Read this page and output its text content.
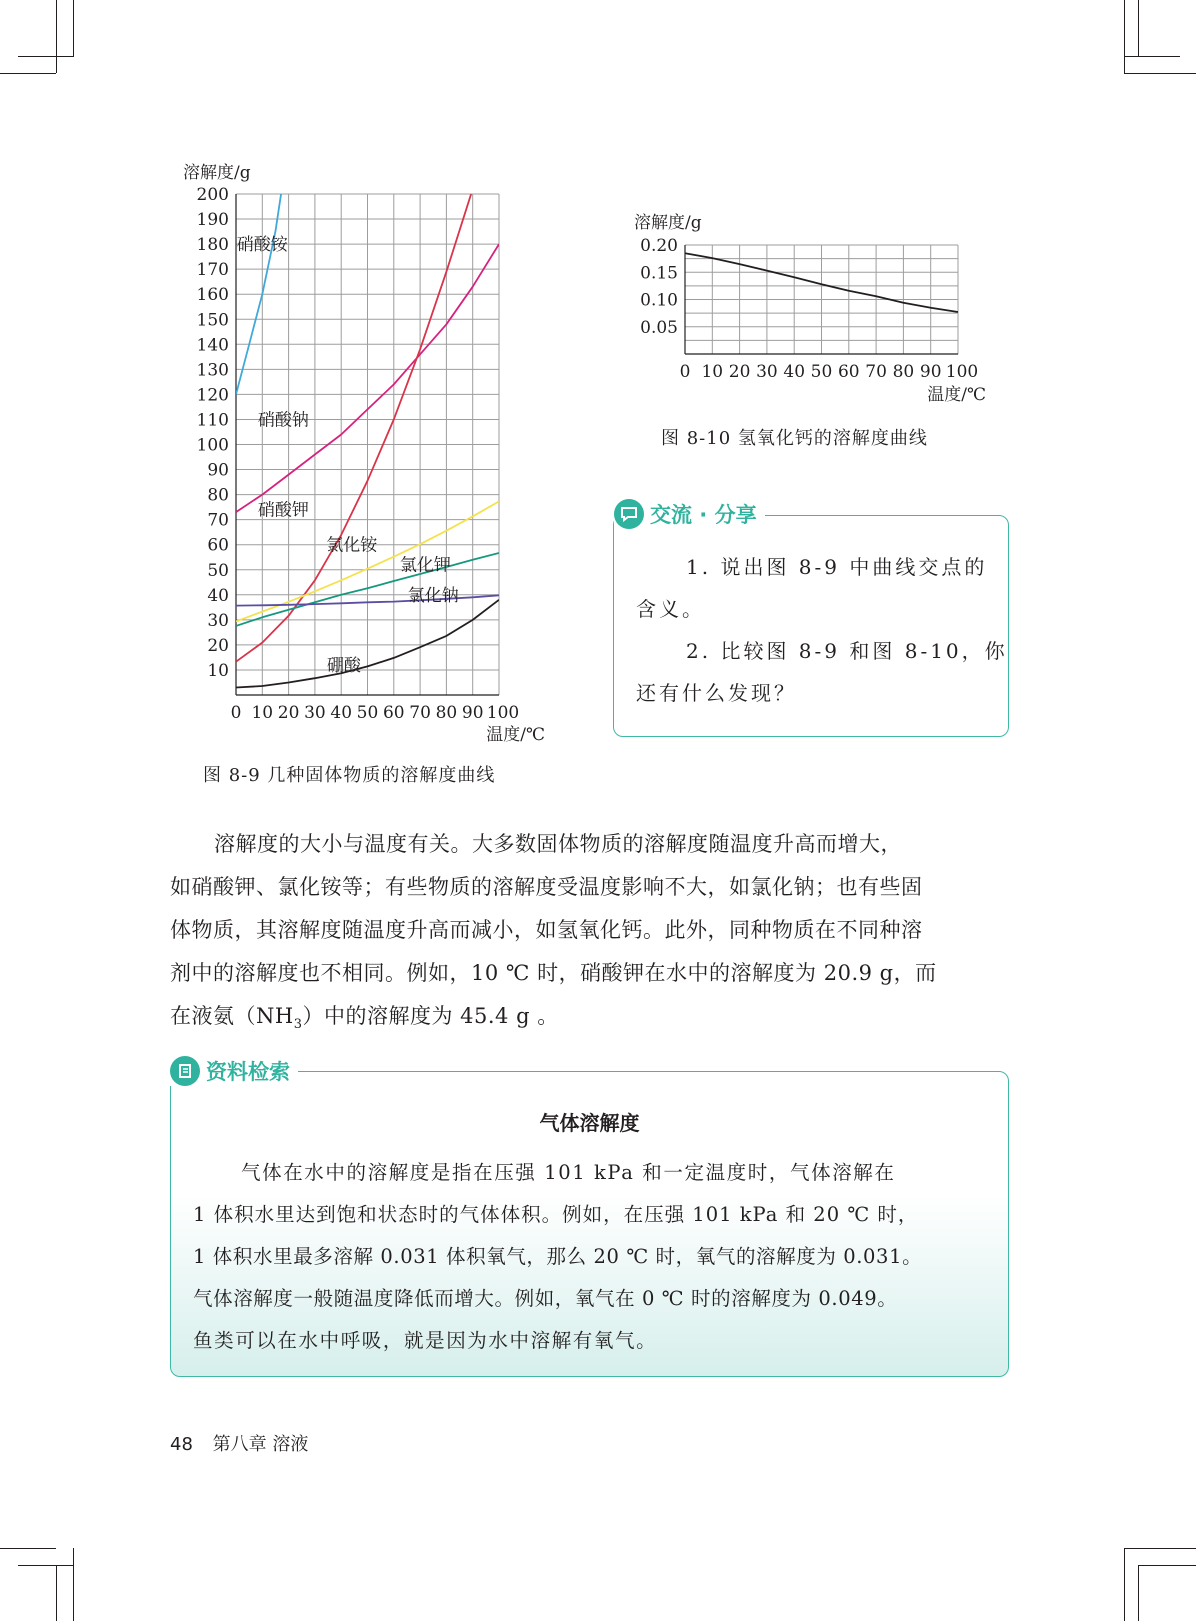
10
20
30
40
50
60
70
80
90
100
110
120
130
140
150
160
170
180
190
200
0 10 20 30 40 50 60 70 80 90 100
溶解度/g
温度/℃
硝酸铵
硝酸钠
硝酸钾
氯化铵
氯化钾
氯化钠
硼酸
图 8-9 几种固体物质的溶解度曲线
0.05
0.10
0.15
0.20
0 10 20 30 40 50 60 70 80 90 100
溶解度/g
温度/℃
图 8-10 氢氧化钙的溶解度曲线
1. 说出图 8-9 中曲线交点的
含义。
2. 比较图 8-9 和图 8-10，你
还有什么发现？
交流 · 分享
溶解度的大小与温度有关。大多数固体物质的溶解度随温度升高而增大，
如硝酸钾、氯化铵等；有些物质的溶解度受温度影响不大，如氯化钠；也有些固
体物质，其溶解度随温度升高而减小，如氢氧化钙。此外，同种物质在不同种溶
剂中的溶解度也不相同。例如，10 ℃ 时，硝酸钾在水中的溶解度为 20.9 g，而
在液氨$(NH_3)$中的溶解度为 45.4 g 。
气体溶解度
气体在水中的溶解度是指在压强 101 kPa 和一定温度时，气体溶解在
1 体积水里达到饱和状态时的气体体积。例如，在压强 101 kPa 和 20 ℃ 时，
1 体积水里最多溶解 0.031 体积氧气，那么 20 ℃ 时，氧气的溶解度为 0.031。
气体溶解度一般随温度降低而增大。例如，氧气在 0 ℃ 时的溶解度为 0.049。
鱼类可以在水中呼吸，就是因为水中溶解有氧气。
资料检索
48 第八章 溶液
